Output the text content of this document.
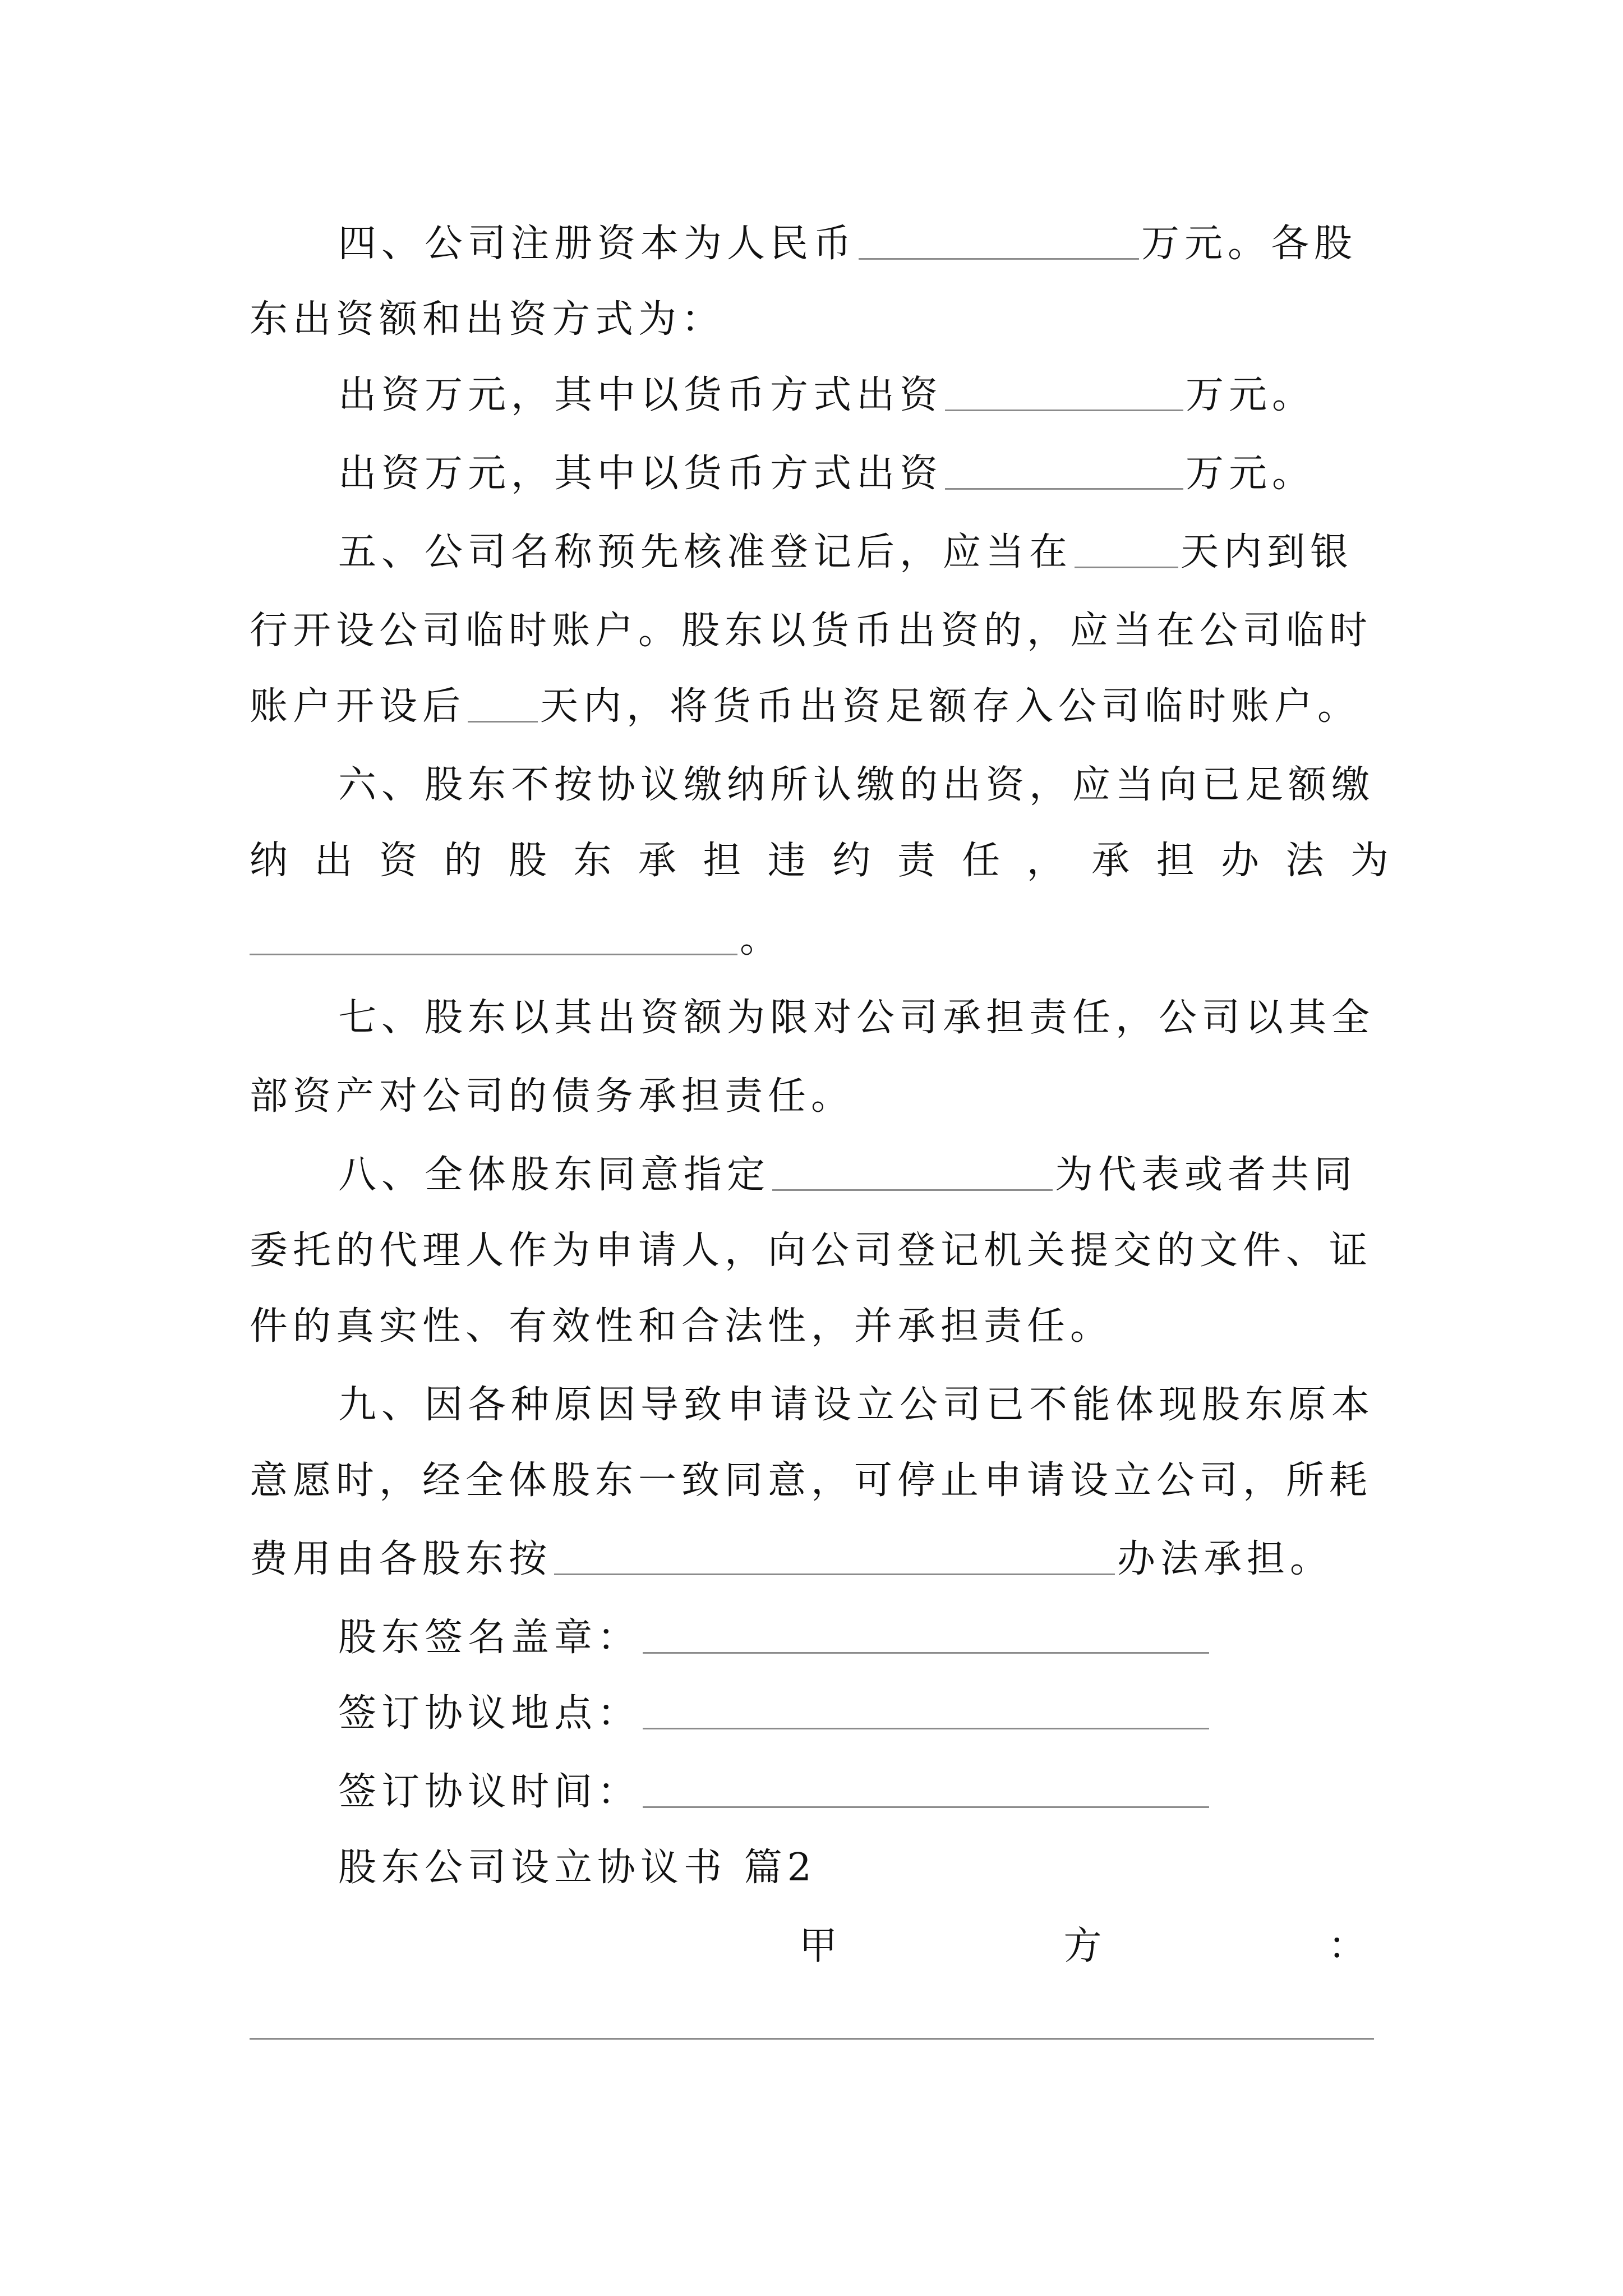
四、公司注册资本为人民币	万元。各股
东出资额和出资方式为：
出资万元，其中以货币方式出资	万元。
出资万元，其中以货币方式出资	万元。
五、公司名称预先核准登记后，应当在	天内到银
行开设公司临时账户。股东以货币出资的，应当在公司临时
账户开设后 天内，将货币出资足额存入公司临时账户。
六、股东不按协议缴纳所认缴的出资，应当向已足额缴
纳出资的股东承担违约责任，承担办法为
。
七、股东以其出资额为限对公司承担责任，公司以其全
部资产对公司的债务承担责任。
八、全体股东同意指定	为代表或者共同
委托的代理人作为申请人，向公司登记机关提交的文件、证
件的真实性、有效性和合法性，并承担责任。
九、因各种原因导致申请设立公司已不能体现股东原本
意愿时，经全体股东一致同意，可停止申请设立公司，所耗
费用由各股东按	办法承担。
股东签名盖章：
签订协议地点：
签订协议时间：
股东公司设立协议书 篇2
甲	方	：
